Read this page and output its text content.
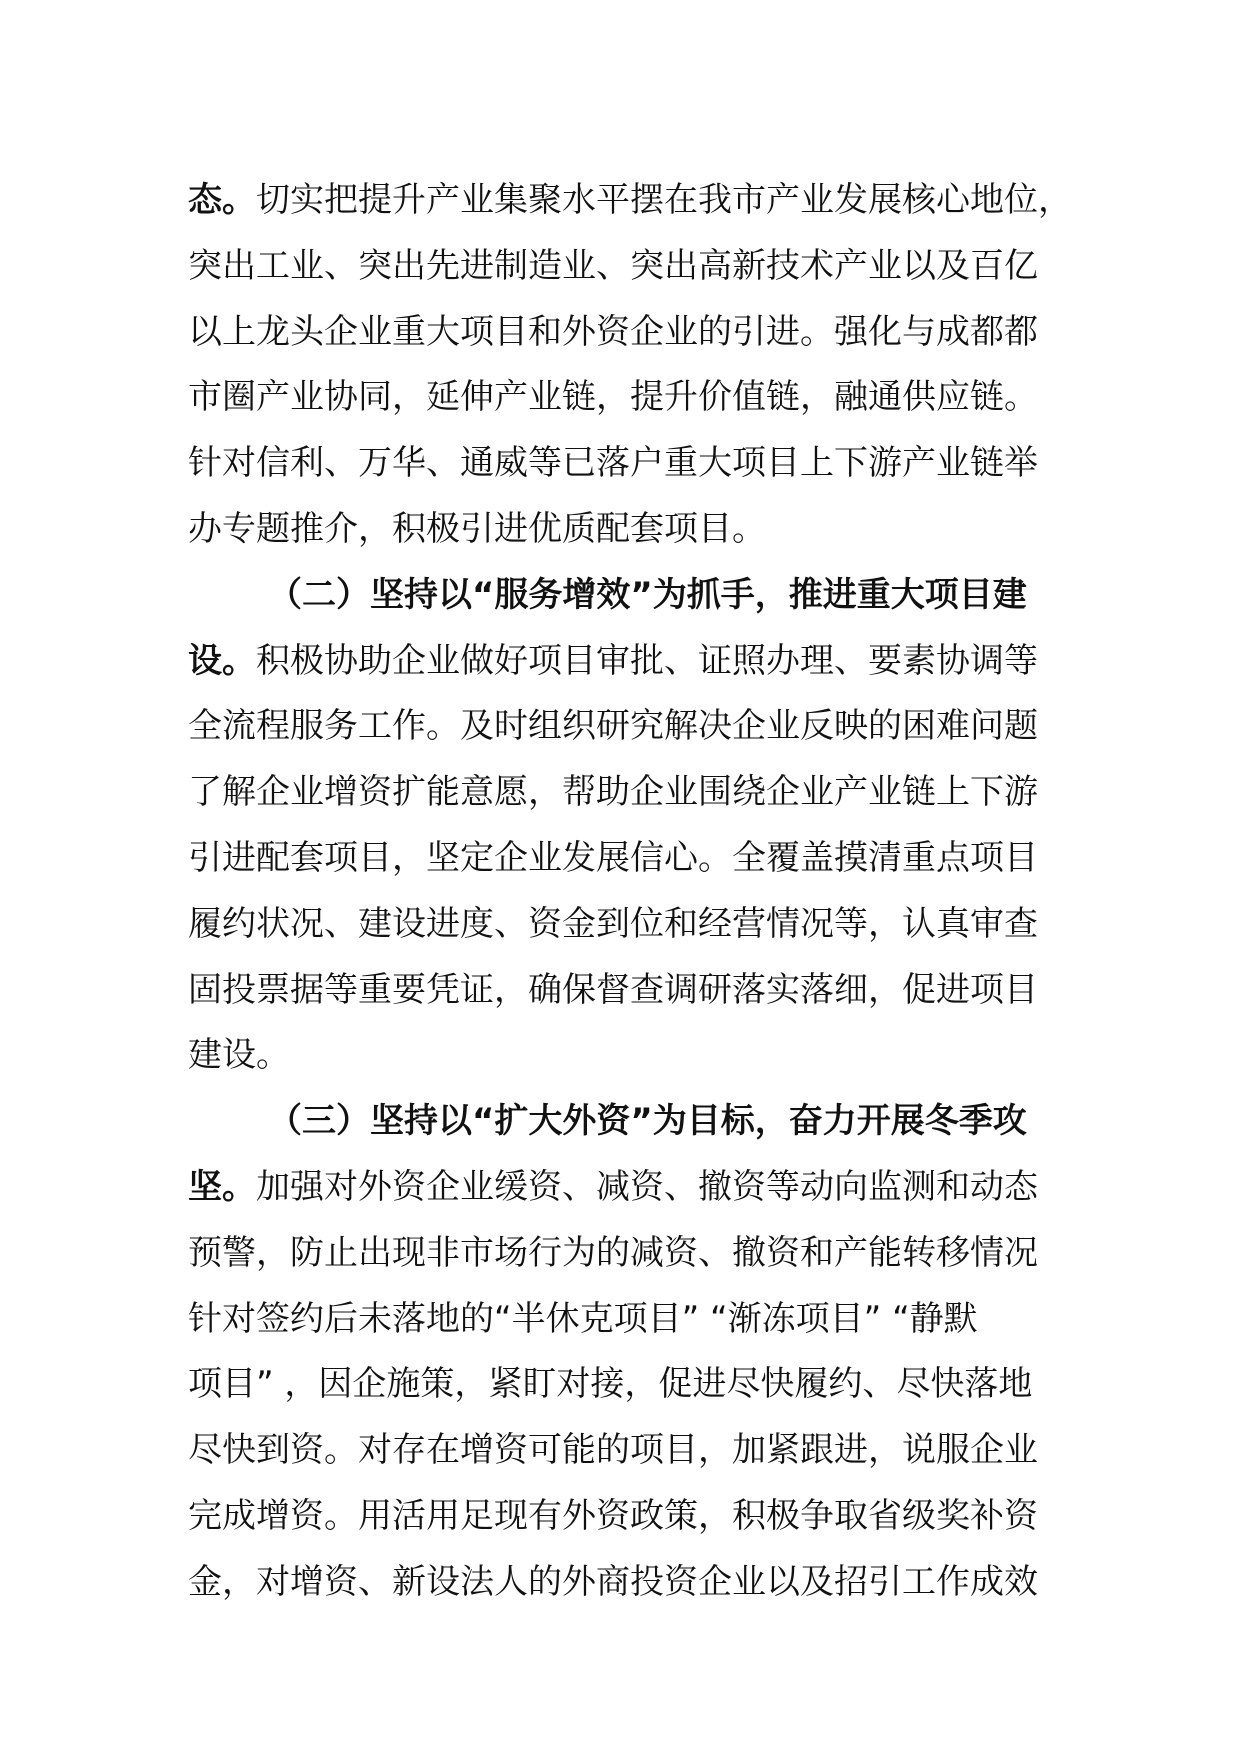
态。切实把提升产业集聚水平摆在我市产业发展核心地位，
突出工业、突出先进制造业、突出高新技术产业以及百亿
以上龙头企业重大项目和外资企业的引进。强化与成都都
市圈产业协同，延伸产业链，提升价值链，融通供应链。
针对信利、万华、通威等已落户重大项目上下游产业链举
办专题推介，积极引进优质配套项目。

（二）坚持以“服务增效”为抓手，推进重大项目建
设。积极协助企业做好项目审批、证照办理、要素协调等
全流程服务工作。及时组织研究解决企业反映的困难问题
了解企业增资扩能意愿，帮助企业围绕企业产业链上下游
引进配套项目，坚定企业发展信心。全覆盖摸清重点项目
履约状况、建设进度、资金到位和经营情况等，认真审查
固投票据等重要凭证，确保督查调研落实落细，促进项目
建设。

（三）坚持以“扩大外资”为目标，奋力开展冬季攻
坚。加强对外资企业缓资、减资、撤资等动向监测和动态
预警，防止出现非市场行为的减资、撤资和产能转移情况
针对签约后未落地的“半休克项目” “渐冻项目” “静默
项目” ，因企施策，紧盯对接，促进尽快履约、尽快落地
尽快到资。对存在增资可能的项目，加紧跟进，说服企业
完成增资。用活用足现有外资政策，积极争取省级奖补资
金，对增资、新设法人的外商投资企业以及招引工作成效
